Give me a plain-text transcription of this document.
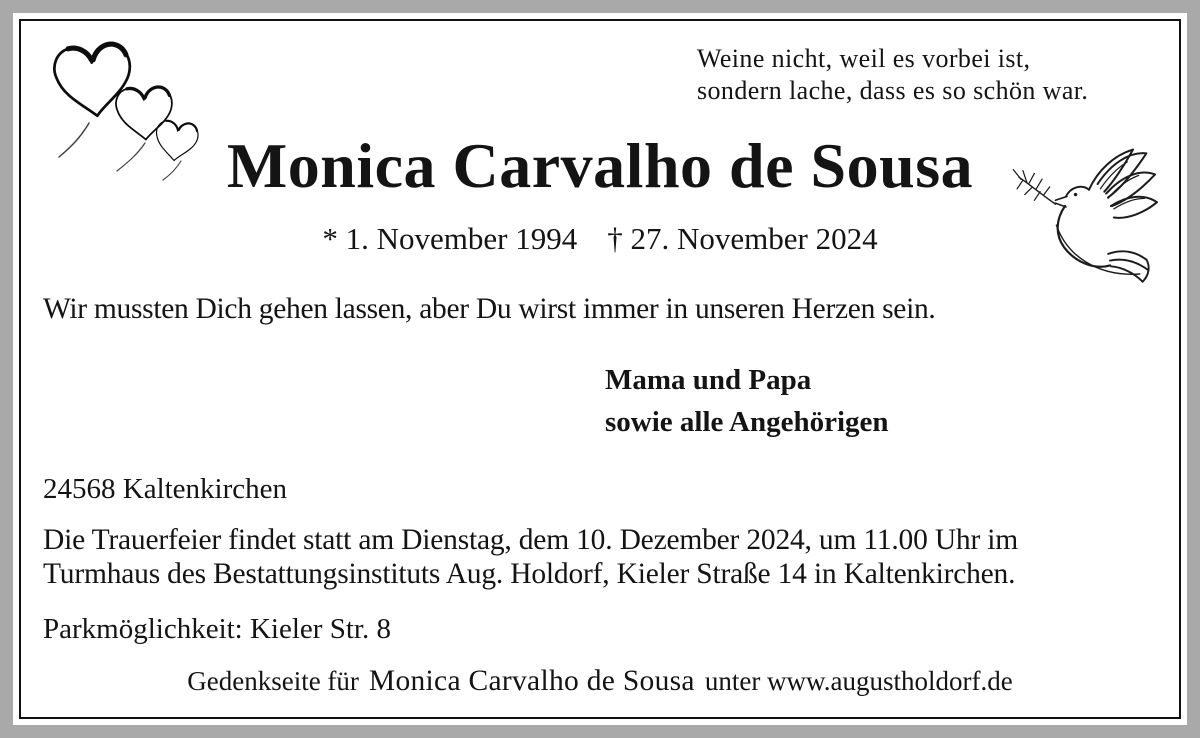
Weine nicht, weil es vorbei ist,
sondern lache, dass es so schön war.
Monica Carvalho de Sousa
* 1. November 1994 † 27. November 2024

Wir mussten Dich gehen lassen, aber Du wirst immer in unseren Herzen sein.

Mama und Papa
sowie alle Angehörigen

24568 Kaltenkirchen

Die Trauerfeier findet statt am Dienstag, dem 10. Dezember 2024, um 11.00 Uhr im
Turmhaus des Bestattungsinstituts Aug. Holdorf, Kieler Straße 14 in Kaltenkirchen.

Parkmöglichkeit: Kieler Str. 8

Gedenkseite für Monica Carvalho de Sousa unter www.augustholdorf.de
